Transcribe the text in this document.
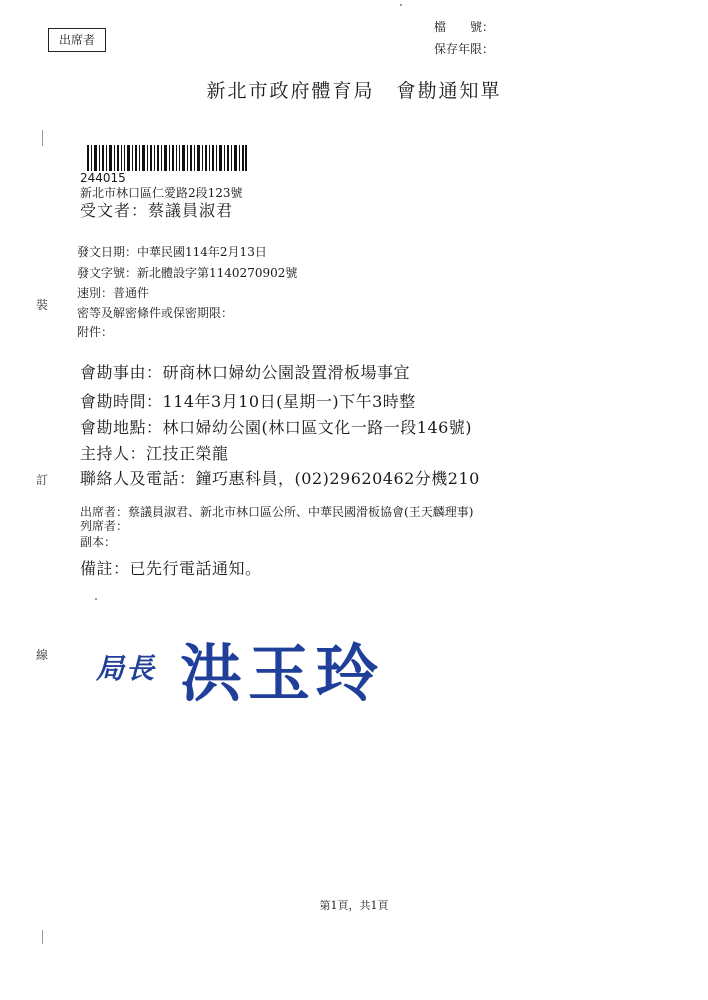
出席者
檔　　號：
保存年限：
新北市政府體育局 會勘通知單
244015
新北市林口區仁愛路2段123號
受文者：蔡議員淑君
發文日期：中華民國114年2月13日
發文字號：新北體設字第1140270902號
速別：普通件
密等及解密條件或保密期限：
附件：
會勘事由：研商林口婦幼公園設置滑板場事宜
會勘時間：114年3月10日(星期一)下午3時整
會勘地點：林口婦幼公園(林口區文化一路一段146號)
主持人：江技正榮龍
聯絡人及電話：鐘巧惠科員，(02)29620462分機210
出席者：蔡議員淑君、新北市林口區公所、中華民國滑板協會(王天麟理事)
列席者：
副本：
備註：已先行電話通知。
裝
訂
線 局長 洪玉玲
第1頁，共1頁
